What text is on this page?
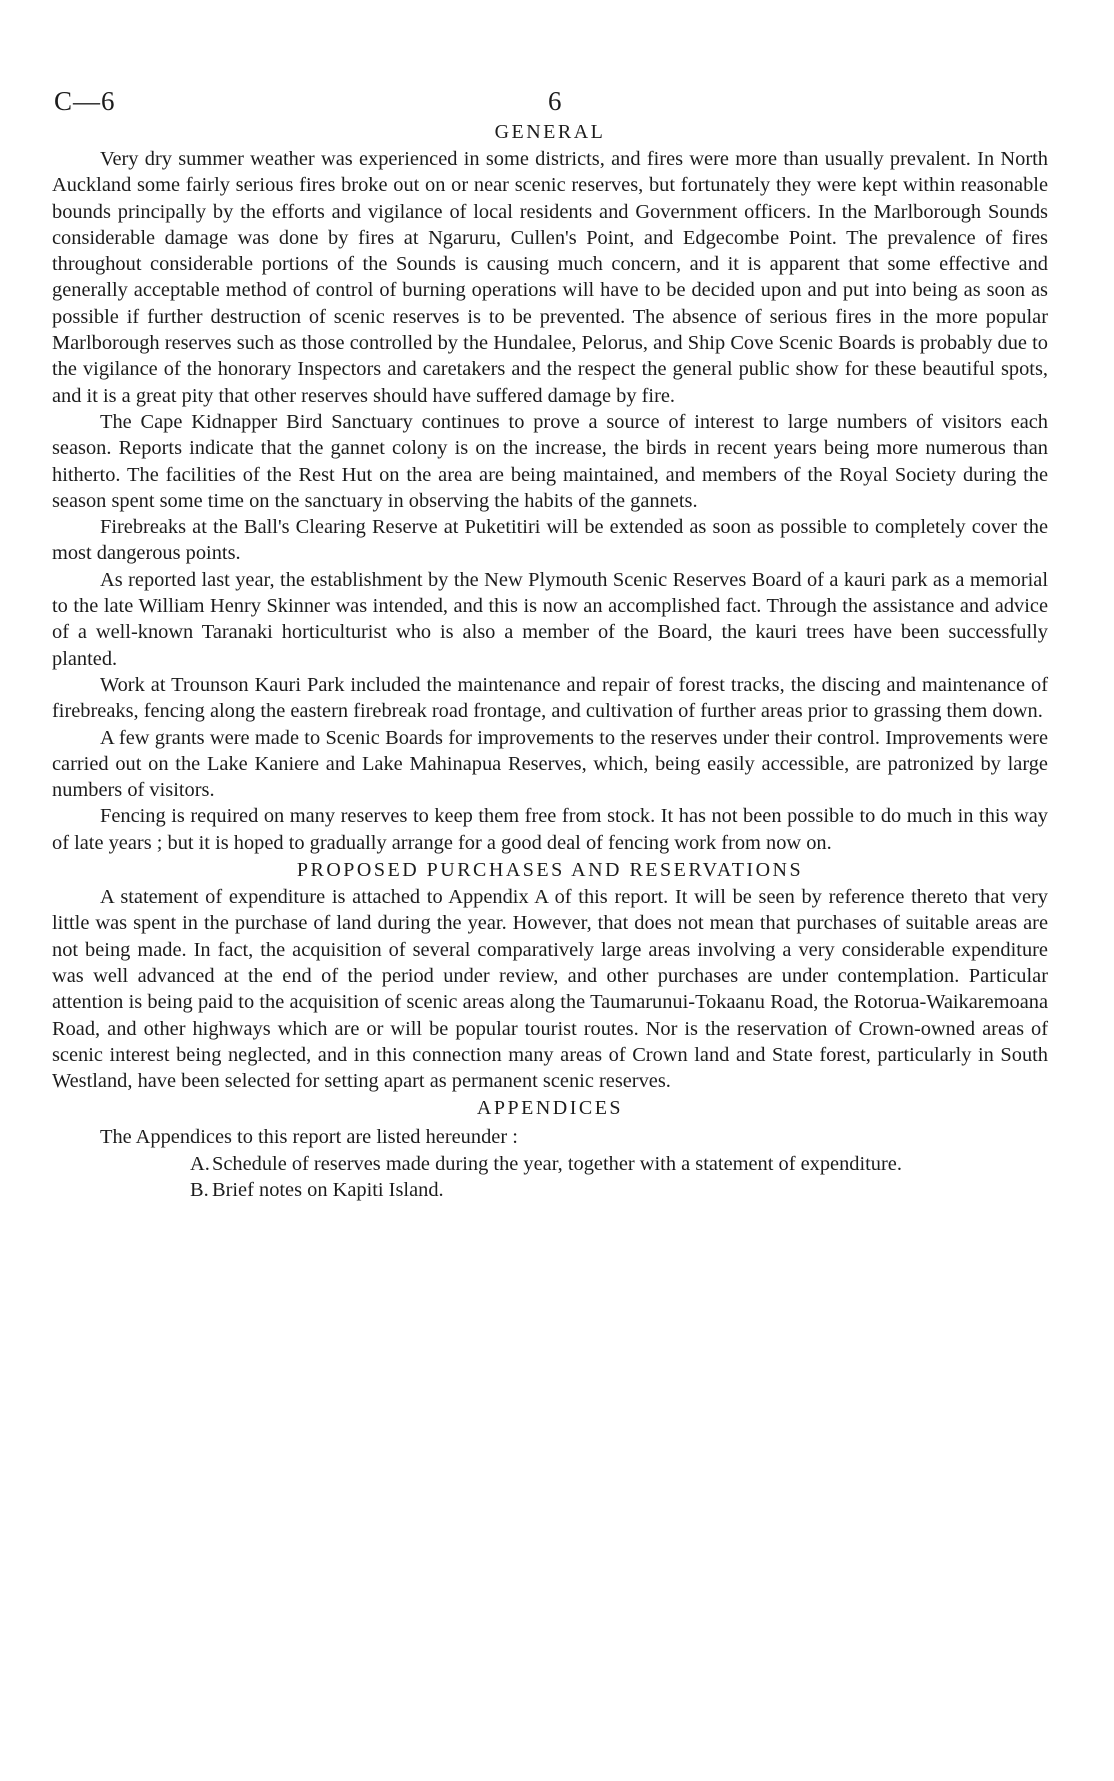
C—6	6
GENERAL

Very dry summer weather was experienced in some districts, and fires were more than usually prevalent. In North Auckland some fairly serious fires broke out on or near scenic reserves, but fortunately they were kept within reasonable bounds principally by the efforts and vigilance of local residents and Government officers. In the Marlborough Sounds considerable damage was done by fires at Ngaruru, Cullen's Point, and Edgecombe Point. The prevalence of fires throughout considerable portions of the Sounds is causing much concern, and it is apparent that some effective and generally acceptable method of control of burning operations will have to be decided upon and put into being as soon as possible if further destruction of scenic reserves is to be prevented. The absence of serious fires in the more popular Marlborough reserves such as those controlled by the Hundalee, Pelorus, and Ship Cove Scenic Boards is probably due to the vigilance of the honorary Inspectors and caretakers and the respect the general public show for these beautiful spots, and it is a great pity that other reserves should have suffered damage by fire.

The Cape Kidnapper Bird Sanctuary continues to prove a source of interest to large numbers of visitors each season. Reports indicate that the gannet colony is on the increase, the birds in recent years being more numerous than hitherto. The facilities of the Rest Hut on the area are being maintained, and members of the Royal Society during the season spent some time on the sanctuary in observing the habits of the gannets.

Firebreaks at the Ball's Clearing Reserve at Puketitiri will be extended as soon as possible to completely cover the most dangerous points.

As reported last year, the establishment by the New Plymouth Scenic Reserves Board of a kauri park as a memorial to the late William Henry Skinner was intended, and this is now an accomplished fact. Through the assistance and advice of a well-known Taranaki horticulturist who is also a member of the Board, the kauri trees have been successfully planted.

Work at Trounson Kauri Park included the maintenance and repair of forest tracks, the discing and maintenance of firebreaks, fencing along the eastern firebreak road frontage, and cultivation of further areas prior to grassing them down.

A few grants were made to Scenic Boards for improvements to the reserves under their control. Improvements were carried out on the Lake Kaniere and Lake Mahinapua Reserves, which, being easily accessible, are patronized by large numbers of visitors.

Fencing is required on many reserves to keep them free from stock. It has not been possible to do much in this way of late years ; but it is hoped to gradually arrange for a good deal of fencing work from now on.

PROPOSED PURCHASES AND RESERVATIONS

A statement of expenditure is attached to Appendix A of this report. It will be seen by reference thereto that very little was spent in the purchase of land during the year. However, that does not mean that purchases of suitable areas are not being made. In fact, the acquisition of several comparatively large areas involving a very considerable expenditure was well advanced at the end of the period under review, and other purchases are under contemplation. Particular attention is being paid to the acquisition of scenic areas along the Taumarunui-Tokaanu Road, the Rotorua-Waikaremoana Road, and other highways which are or will be popular tourist routes. Nor is the reservation of Crown-owned areas of scenic interest being neglected, and in this connection many areas of Crown land and State forest, particularly in South Westland, have been selected for setting apart as permanent scenic reserves.

APPENDICES

The Appendices to this report are listed hereunder :

A. Schedule of reserves made during the year, together with a statement of expenditure.
B. Brief notes on Kapiti Island.
